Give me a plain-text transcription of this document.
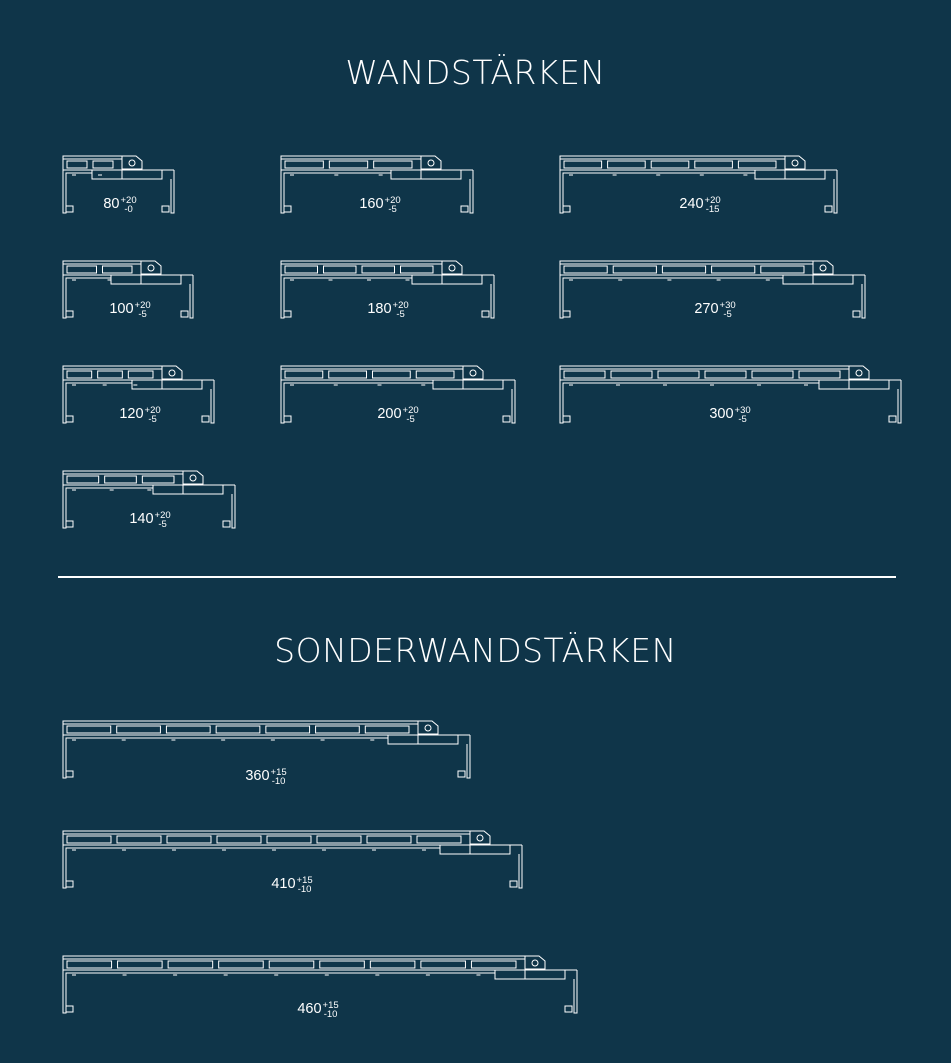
WANDSTÄRKEN
SONDERWANDSTÄRKEN
80 +20
-0	160 +20
-5	240 +20
-15
100 +20
-5	180 +20
-5	270 +30
-5
120 +20
-5	200 +20
-5	300 +30
-5
140 +20
-5
360 +15
-10
410 +15
-10
460 +15
-10
